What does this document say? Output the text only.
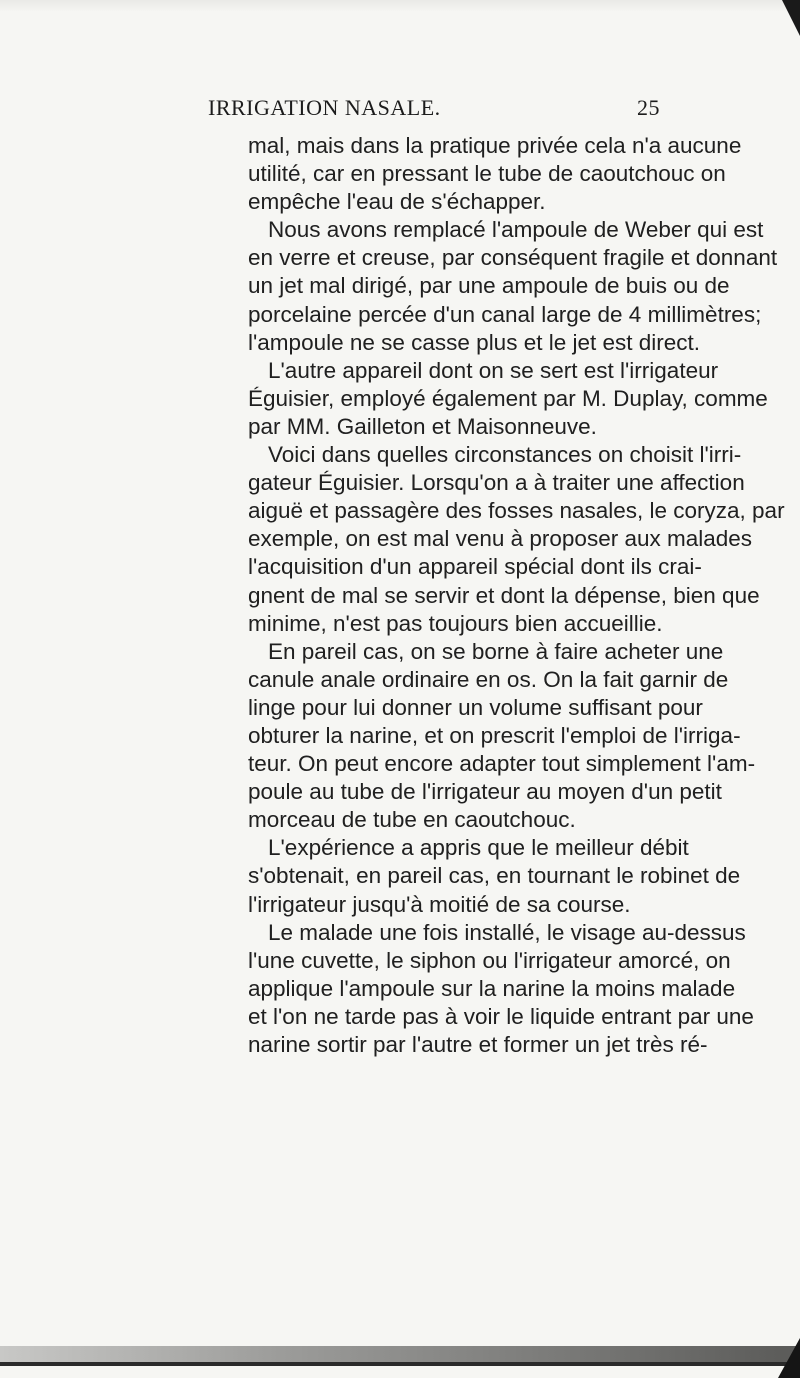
IRRIGATION NASALE.	25
mal, mais dans la pratique privée cela n'a aucune
utilité, car en pressant le tube de caoutchouc on
empêche l'eau de s'échapper.
Nous avons remplacé l'ampoule de Weber qui est
en verre et creuse, par conséquent fragile et donnant
un jet mal dirigé, par une ampoule de buis ou de
porcelaine percée d'un canal large de 4 millimètres;
l'ampoule ne se casse plus et le jet est direct.
L'autre appareil dont on se sert est l'irrigateur
Éguisier, employé également par M. Duplay, comme
par MM. Gailleton et Maisonneuve.
Voici dans quelles circonstances on choisit l'irri-
gateur Éguisier. Lorsqu'on a à traiter une affection
aiguë et passagère des fosses nasales, le coryza, par
exemple, on est mal venu à proposer aux malades
l'acquisition d'un appareil spécial dont ils crai-
gnent de mal se servir et dont la dépense, bien que
minime, n'est pas toujours bien accueillie.
En pareil cas, on se borne à faire acheter une
canule anale ordinaire en os. On la fait garnir de
linge pour lui donner un volume suffisant pour
obturer la narine, et on prescrit l'emploi de l'irriga-
teur. On peut encore adapter tout simplement l'am-
poule au tube de l'irrigateur au moyen d'un petit
morceau de tube en caoutchouc.
L'expérience a appris que le meilleur débit
s'obtenait, en pareil cas, en tournant le robinet de
l'irrigateur jusqu'à moitié de sa course.
Le malade une fois installé, le visage au-dessus
l'une cuvette, le siphon ou l'irrigateur amorcé, on
applique l'ampoule sur la narine la moins malade
et l'on ne tarde pas à voir le liquide entrant par une
narine sortir par l'autre et former un jet très ré-
